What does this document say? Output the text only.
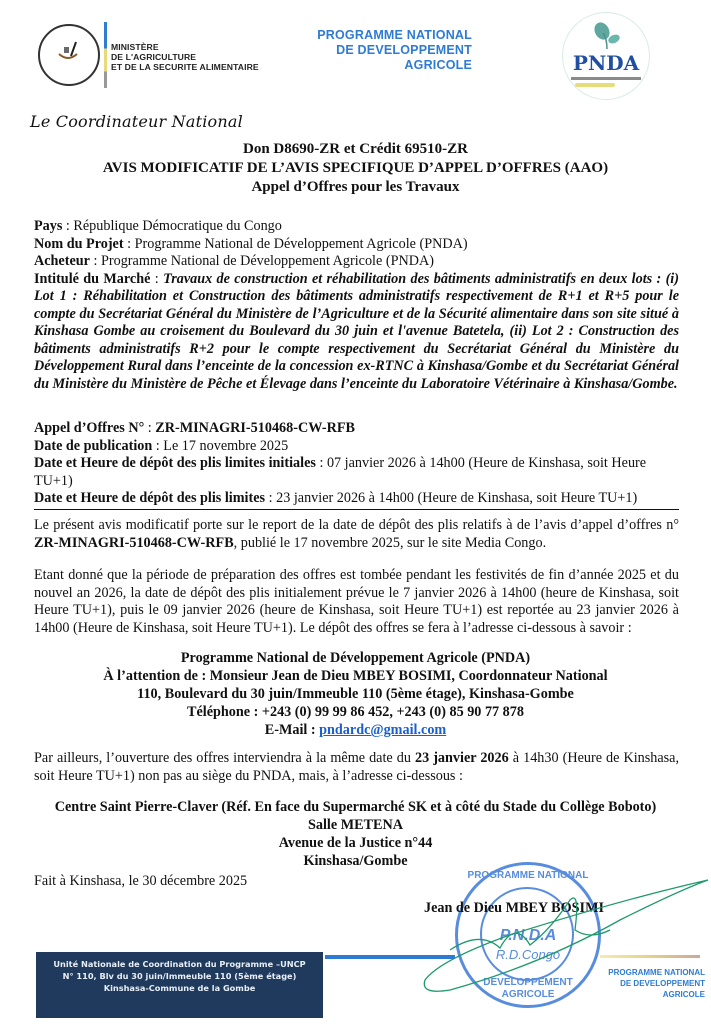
MINISTÈRE
DE L'AGRICULTURE
ET DE LA SECURITE ALIMENTAIRE
PROGRAMME NATIONAL
DE DEVELOPPEMENT
AGRICOLE	PNDA
Le Coordinateur National
Don D8690-ZR et Crédit 69510-ZR
AVIS MODIFICATIF DE L’AVIS SPECIFIQUE D’APPEL D’OFFRES (AAO)
Appel d’Offres pour les Travaux
Pays : République Démocratique du Congo
Nom du Projet : Programme National de Développement Agricole (PNDA)
Acheteur : Programme National de Développement Agricole (PNDA)
Intitulé du Marché : Travaux de construction et réhabilitation des bâtiments administratifs en deux lots : (i) Lot 1 : Réhabilitation et Construction des bâtiments administratifs respectivement de R+1 et R+5 pour le compte du Secrétariat Général du Ministère de l’Agriculture et de la Sécurité alimentaire dans son site situé à Kinshasa Gombe au croisement du Boulevard du 30 juin et l'avenue Batetela, (ii) Lot 2 : Construction des bâtiments administratifs R+2 pour le compte respectivement du Secrétariat Général du Ministère du Développement Rural dans l’enceinte de la concession ex-RTNC à Kinshasa/Gombe et du Secrétariat Général du Ministère du Ministère de Pêche et Élevage dans l’enceinte du Laboratoire Vétérinaire à Kinshasa/Gombe.
Appel d’Offres N° : ZR-MINAGRI-510468-CW-RFB
Date de publication : Le 17 novembre 2025
Date et Heure de dépôt des plis limites initiales : 07 janvier 2026 à 14h00 (Heure de Kinshasa, soit Heure TU+1)
Date et Heure de dépôt des plis limites : 23 janvier 2026 à 14h00 (Heure de Kinshasa, soit Heure TU+1)
Le présent avis modificatif porte sur le report de la date de dépôt des plis relatifs à de l’avis d’appel d’offres n° ZR-MINAGRI-510468-CW-RFB, publié le 17 novembre 2025, sur le site Media Congo.
Etant donné que la période de préparation des offres est tombée pendant les festivités de fin d’année 2025 et du nouvel an 2026, la date de dépôt des plis initialement prévue le 7 janvier 2026 à 14h00 (heure de Kinshasa, soit Heure TU+1), puis le 09 janvier 2026 (heure de Kinshasa, soit Heure TU+1) est reportée au 23 janvier 2026 à 14h00 (Heure de Kinshasa, soit Heure TU+1). Le dépôt des offres se fera à l’adresse ci-dessous à savoir :
Programme National de Développement Agricole (PNDA)
À l’attention de : Monsieur Jean de Dieu MBEY BOSIMI, Coordonnateur National
110, Boulevard du 30 juin/Immeuble 110 (5ème étage), Kinshasa-Gombe
Téléphone : +243 (0) 99 99 86 452, +243 (0) 85 90 77 878
E-Mail : pndardc@gmail.com
Par ailleurs, l’ouverture des offres interviendra à la même date du 23 janvier 2026 à 14h30 (Heure de Kinshasa, soit Heure TU+1) non pas au siège du PNDA, mais, à l’adresse ci-dessous :
Centre Saint Pierre-Claver (Réf. En face du Supermarché SK et à côté du Stade du Collège Boboto)
Salle METENA
Avenue de la Justice n°44
Kinshasa/Gombe
Fait à Kinshasa, le 30 décembre 2025	PROGRAMME NATIONAL
P.N.D.A
R.D.Congo
DEVELOPPEMENT AGRICOLE
Jean de Dieu MBEY BOSIMI
Unité Nationale de Coordination du Programme –UNCP
N° 110, Blv du 30 juin/Immeuble 110 (5ème étage)
Kinshasa-Commune de la Gombe
PROGRAMME NATIONAL
DE DEVELOPPEMENT
AGRICOLE
